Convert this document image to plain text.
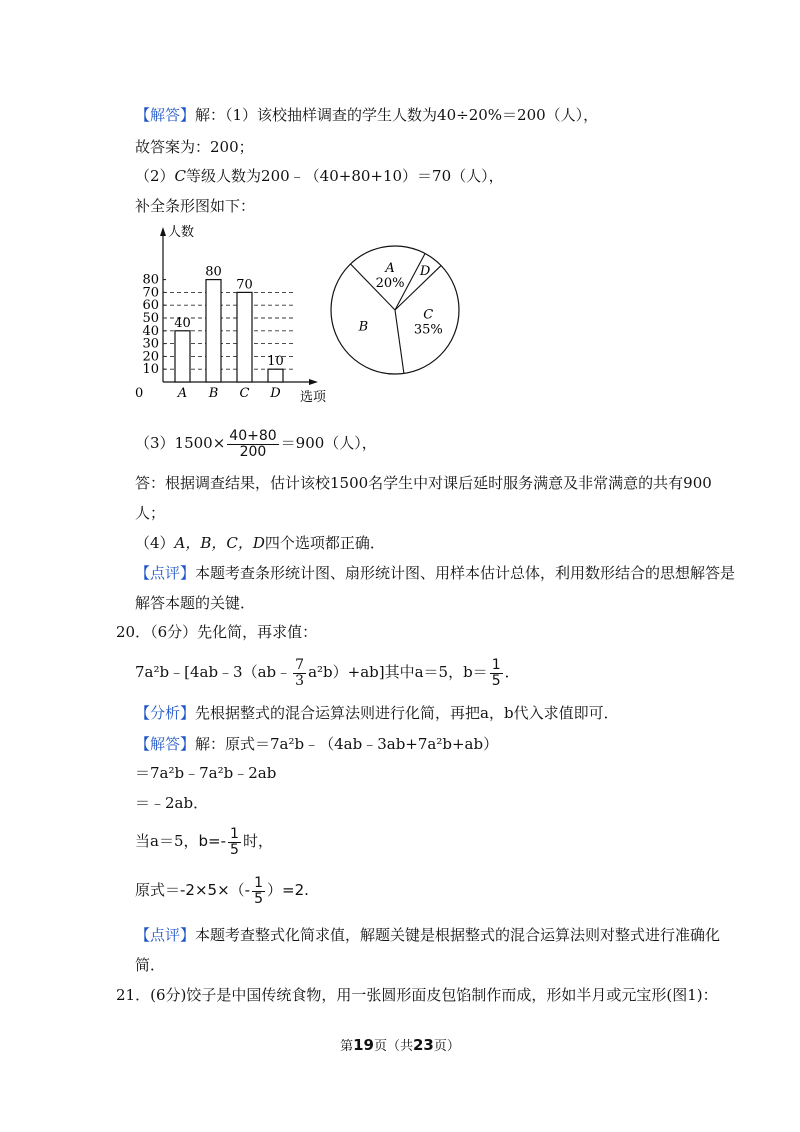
【解答】解：（1）该校抽样调查的学生人数为40÷20%＝200（人），
故答案为：200；
（2）C等级人数为200﹣（40+80+10）＝70（人），
补全条形图如下：
人数
选项
0
10
20
30
40
50
60
70
80
40
A
80
B
70
C
10
D
A
20%
D
C
35%
B
$(3)1500\times \frac{40+80}{200} =900$（人），
答：根据调查结果，估计该校1500名学生中对课后延时服务满意及非常满意的共有900
人；
（4）A，B，C，D四个选项都正确．
【点评】本题考查条形统计图、扇形统计图、用样本估计总体，利用数形结合的思想解答是
解答本题的关键．
20．（6分）先化简，再求值：
7a²b﹣[4ab﹣3（ab﹣ $\frac{7}{3} a^2b)+ab$]其中a＝5，$b= \frac{1}{5}$ ．
【分析】先根据整式的混合运算法则进行化简，再把a，b代入求值即可．
【解答】解：原式＝7a²b﹣（4ab﹣3ab+7a²b+ab）
＝7a²b﹣7a²b﹣2ab
＝﹣2ab．
当a＝5，$b=- \frac{1}{5}$ 时，
原式$=-2\times 5\times(- \frac{1}{5} )=2$.
【点评】本题考查整式化简求值，解题关键是根据整式的混合运算法则对整式进行准确化
简．
21．(6分)饺子是中国传统食物，用一张圆形面皮包馅制作而成，形如半月或元宝形(图1)：
第19页（共23页）
